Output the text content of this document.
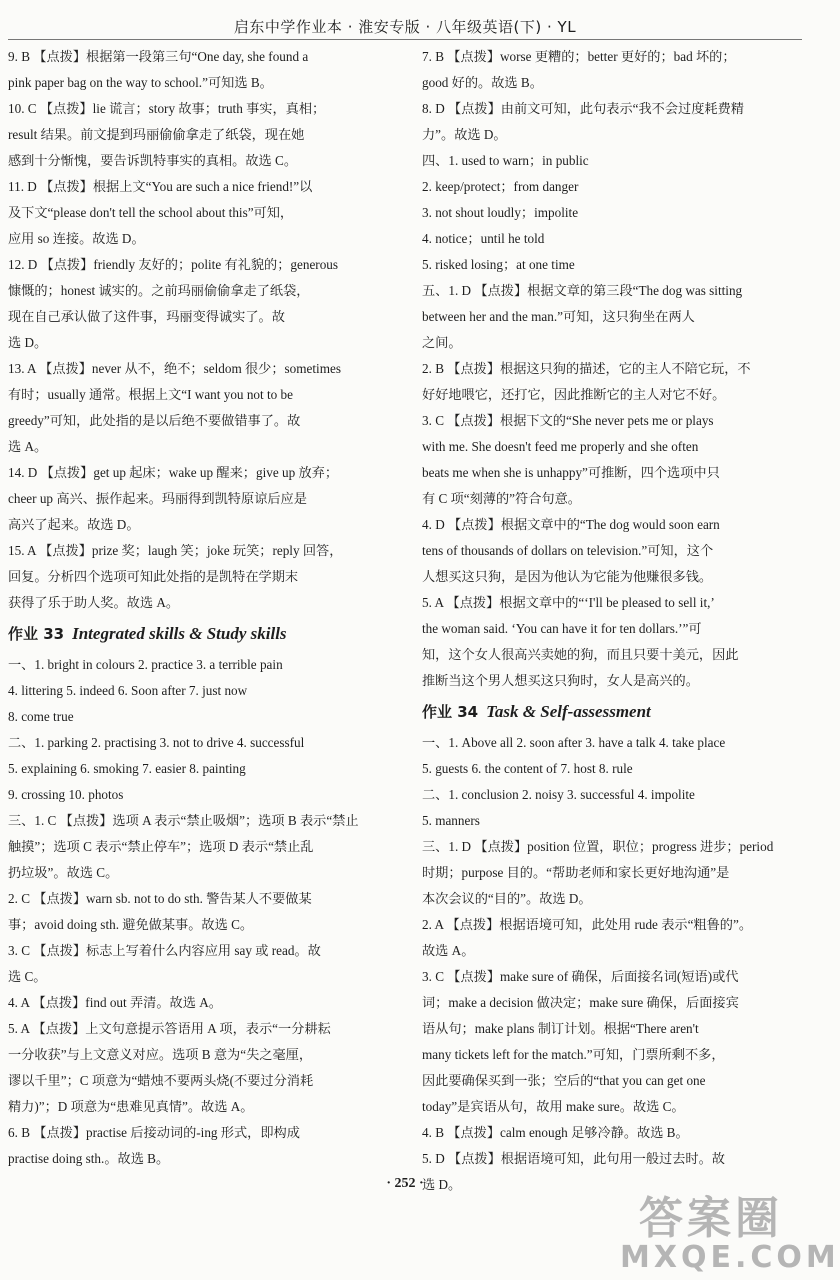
启东中学作业本 · 淮安专版 · 八年级英语(下) · YL
9. B 【点拨】根据第一段第三句“One day, she found a
pink paper bag on the way to school.”可知选 B。
10. C 【点拨】lie 谎言；story 故事；truth 事实，真相；
result 结果。前文提到玛丽偷偷拿走了纸袋，现在她
感到十分惭愧，要告诉凯特事实的真相。故选 C。
11. D 【点拨】根据上文“You are such a nice friend!”以
及下文“please don't tell the school about this”可知，
应用 so 连接。故选 D。
12. D 【点拨】friendly 友好的；polite 有礼貌的；generous
慷慨的；honest 诚实的。之前玛丽偷偷拿走了纸袋，
现在自己承认做了这件事，玛丽变得诚实了。故
选 D。
13. A 【点拨】never 从不，绝不；seldom 很少；sometimes
有时；usually 通常。根据上文“I want you not to be
greedy”可知，此处指的是以后绝不要做错事了。故
选 A。
14. D 【点拨】get up 起床；wake up 醒来；give up 放弃；
cheer up 高兴、振作起来。玛丽得到凯特原谅后应是
高兴了起来。故选 D。
15. A 【点拨】prize 奖；laugh 笑；joke 玩笑；reply 回答，
回复。分析四个选项可知此处指的是凯特在学期末
获得了乐于助人奖。故选 A。
作业 33 Integrated skills & Study skills
一、1. bright in colours 2. practice 3. a terrible pain
4. littering 5. indeed 6. Soon after 7. just now
8. come true
二、1. parking 2. practising 3. not to drive 4. successful
5. explaining 6. smoking 7. easier 8. painting
9. crossing 10. photos
三、1. C 【点拨】选项 A 表示“禁止吸烟”；选项 B 表示“禁止
触摸”；选项 C 表示“禁止停车”；选项 D 表示“禁止乱
扔垃圾”。故选 C。
2. C 【点拨】warn sb. not to do sth. 警告某人不要做某
事；avoid doing sth. 避免做某事。故选 C。
3. C 【点拨】标志上写着什么内容应用 say 或 read。故
选 C。
4. A 【点拨】find out 弄清。故选 A。
5. A 【点拨】上文句意提示答语用 A 项，表示“一分耕耘
一分收获”与上文意义对应。选项 B 意为“失之毫厘，
谬以千里”；C 项意为“蜡烛不要两头烧(不要过分消耗
精力)”；D 项意为“患难见真情”。故选 A。
6. B 【点拨】practise 后接动词的-ing 形式，即构成
practise doing sth.。故选 B。
7. B 【点拨】worse 更糟的；better 更好的；bad 坏的；
good 好的。故选 B。
8. D 【点拨】由前文可知，此句表示“我不会过度耗费精
力”。故选 D。
四、1. used to warn；in public
2. keep/protect；from danger
3. not shout loudly；impolite
4. notice；until he told
5. risked losing；at one time
五、1. D 【点拨】根据文章的第三段“The dog was sitting
between her and the man.”可知，这只狗坐在两人
之间。
2. B 【点拨】根据这只狗的描述，它的主人不陪它玩，不
好好地喂它，还打它，因此推断它的主人对它不好。
3. C 【点拨】根据下文的“She never pets me or plays
with me. She doesn't feed me properly and she often
beats me when she is unhappy”可推断，四个选项中只
有 C 项“刻薄的”符合句意。
4. D 【点拨】根据文章中的“The dog would soon earn
tens of thousands of dollars on television.”可知，这个
人想买这只狗，是因为他认为它能为他赚很多钱。
5. A 【点拨】根据文章中的“‘I'll be pleased to sell it,’
the woman said. ‘You can have it for ten dollars.’”可
知，这个女人很高兴卖她的狗，而且只要十美元，因此
推断当这个男人想买这只狗时，女人是高兴的。
作业 34 Task & Self-assessment
一、1. Above all 2. soon after 3. have a talk 4. take place
5. guests 6. the content of 7. host 8. rule
二、1. conclusion 2. noisy 3. successful 4. impolite
5. manners
三、1. D 【点拨】position 位置，职位；progress 进步；period
时期；purpose 目的。“帮助老师和家长更好地沟通”是
本次会议的“目的”。故选 D。
2. A 【点拨】根据语境可知，此处用 rude 表示“粗鲁的”。
故选 A。
3. C 【点拨】make sure of 确保，后面接名词(短语)或代
词；make a decision 做决定；make sure 确保，后面接宾
语从句；make plans 制订计划。根据“There aren't
many tickets left for the match.”可知，门票所剩不多，
因此要确保买到一张；空后的“that you can get one
today”是宾语从句，故用 make sure。故选 C。
4. B 【点拨】calm enough 足够冷静。故选 B。
5. D 【点拨】根据语境可知，此句用一般过去时。故
选 D。
· 252 ·
答案圈
MXQE.COM
